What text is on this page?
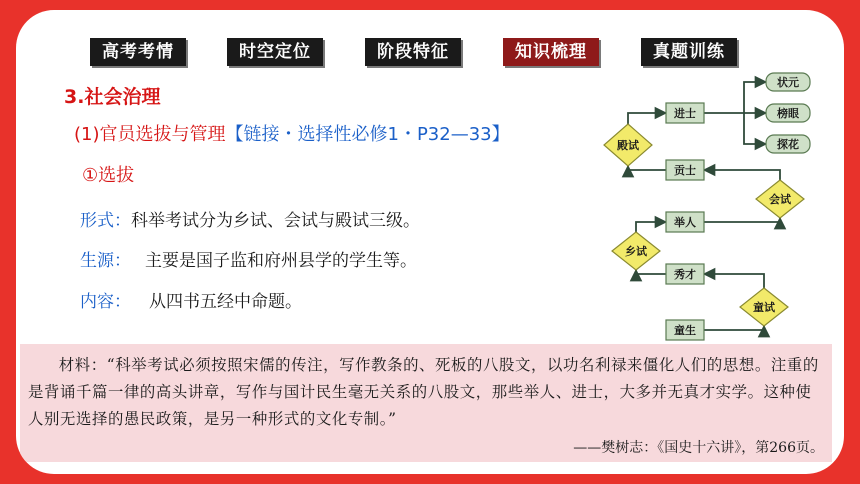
高考考情	时空定位	阶段特征	知识梳理	真题训练
3.社会治理
(1)官员选拔与管理【链接・选择性必修1・P32—33】
①选拔
形式：科举考试分为乡试、会试与殿试三级。
生源： 主要是国子监和府州县学的学生等。
内容： 从四书五经中命题。
童生
秀才
举人
贡士
进士
状元
榜眼
探花
童试
乡试
会试
殿试
材料：“科举考试必须按照宋儒的传注，写作教条的、死板的八股文，以功名利禄来僵化人们的思想。注重的是背诵千篇一律的高头讲章，写作与国计民生毫无关系的八股文，那些举人、进士，大多并无真才实学。这种使人别无选择的愚民政策，是另一种形式的文化专制。”
——樊树志：《国史十六讲》，第266页。
